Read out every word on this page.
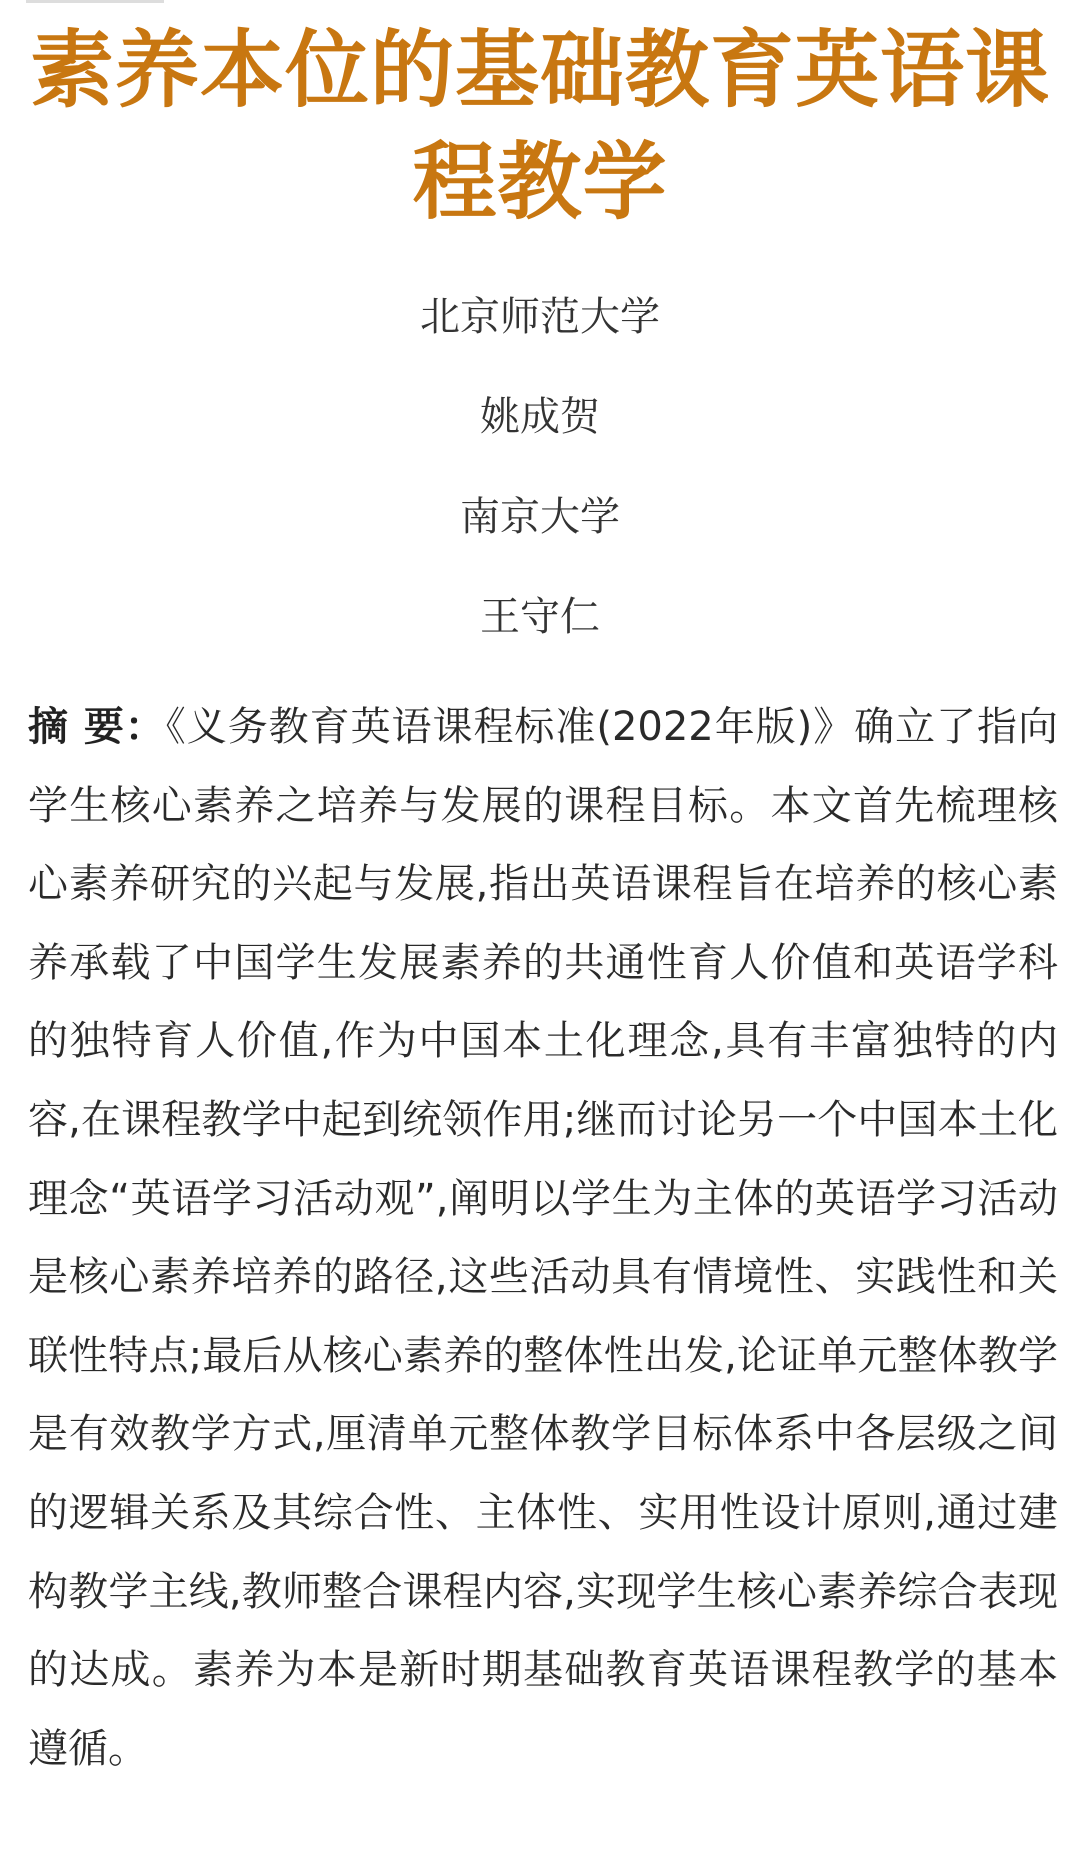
素养本位的基础教育英语课程教学
北京师范大学
姚成贺
南京大学
王守仁

摘 要：《义务教育英语课程标准(2022年版)》确立了指向学生核心素养之培养与发展的课程目标。本文首先梳理核心素养研究的兴起与发展,指出英语课程旨在培养的核心素养承载了中国学生发展素养的共通性育人价值和英语学科的独特育人价值,作为中国本土化理念,具有丰富独特的内容,在课程教学中起到统领作用;继而讨论另一个中国本土化理念“英语学习活动观”,阐明以学生为主体的英语学习活动是核心素养培养的路径,这些活动具有情境性、实践性和关联性特点;最后从核心素养的整体性出发,论证单元整体教学是有效教学方式,厘清单元整体教学目标体系中各层级之间的逻辑关系及其综合性、主体性、实用性设计原则,通过建构教学主线,教师整合课程内容,实现学生核心素养综合表现的达成。素养为本是新时期基础教育英语课程教学的基本遵循。
